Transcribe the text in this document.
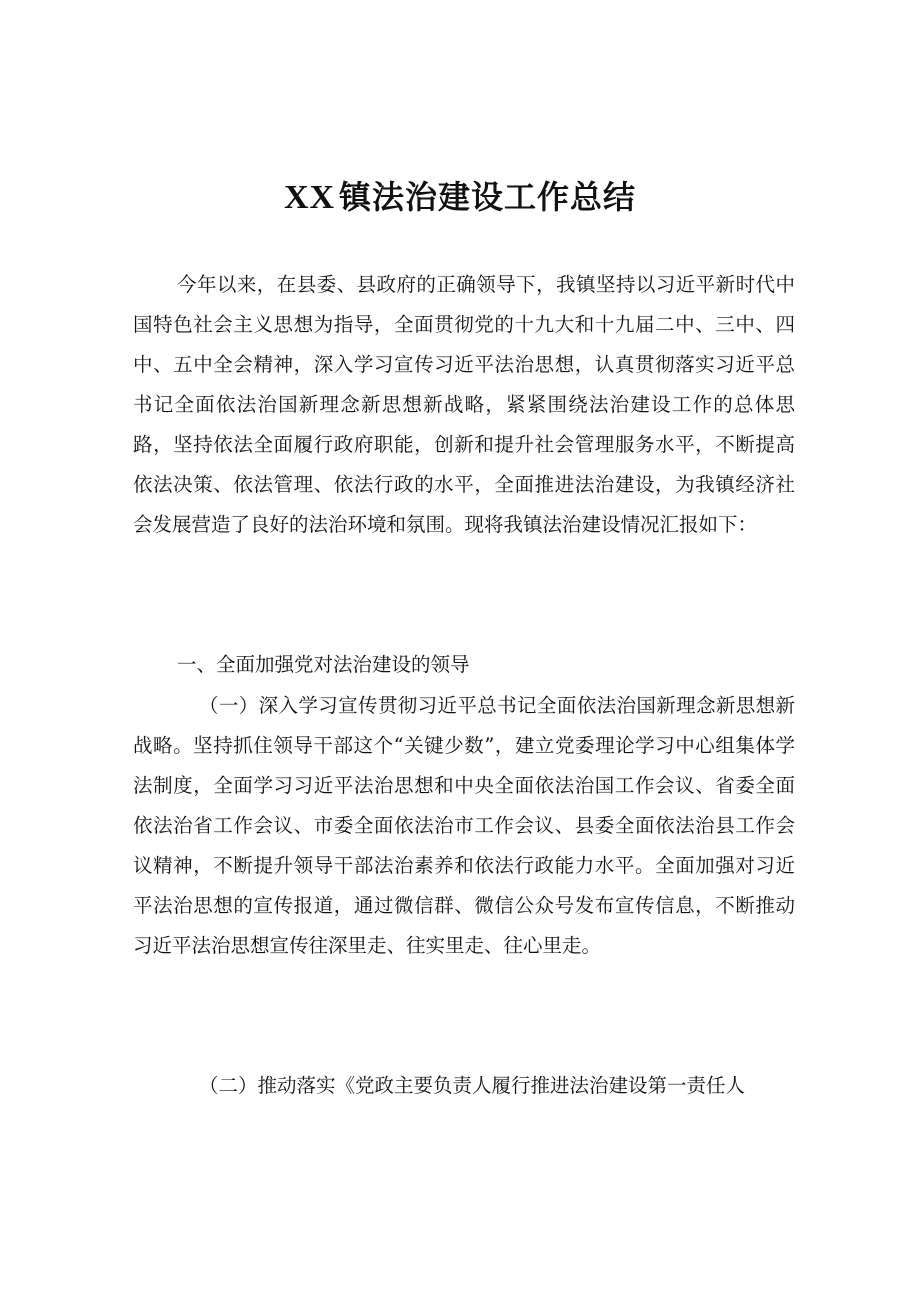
XX 镇法治建设工作总结

今年以来，在县委、县政府的正确领导下，我镇坚持以习近平新时代中国特色社会主义思想为指导，全面贯彻党的十九大和十九届二中、三中、四中、五中全会精神，深入学习宣传习近平法治思想，认真贯彻落实习近平总书记全面依法治国新理念新思想新战略，紧紧围绕法治建设工作的总体思路，坚持依法全面履行政府职能，创新和提升社会管理服务水平，不断提高依法决策、依法管理、依法行政的水平，全面推进法治建设，为我镇经济社会发展营造了良好的法治环境和氛围。现将我镇法治建设情况汇报如下：

一、全面加强党对法治建设的领导

（一）深入学习宣传贯彻习近平总书记全面依法治国新理念新思想新战略。坚持抓住领导干部这个“关键少数”，建立党委理论学习中心组集体学法制度，全面学习习近平法治思想和中央全面依法治国工作会议、省委全面依法治省工作会议、市委全面依法治市工作会议、县委全面依法治县工作会议精神，不断提升领导干部法治素养和依法行政能力水平。全面加强对习近平法治思想的宣传报道，通过微信群、微信公众号发布宣传信息，不断推动习近平法治思想宣传往深里走、往实里走、往心里走。

（二）推动落实《党政主要负责人履行推进法治建设第一责任人
